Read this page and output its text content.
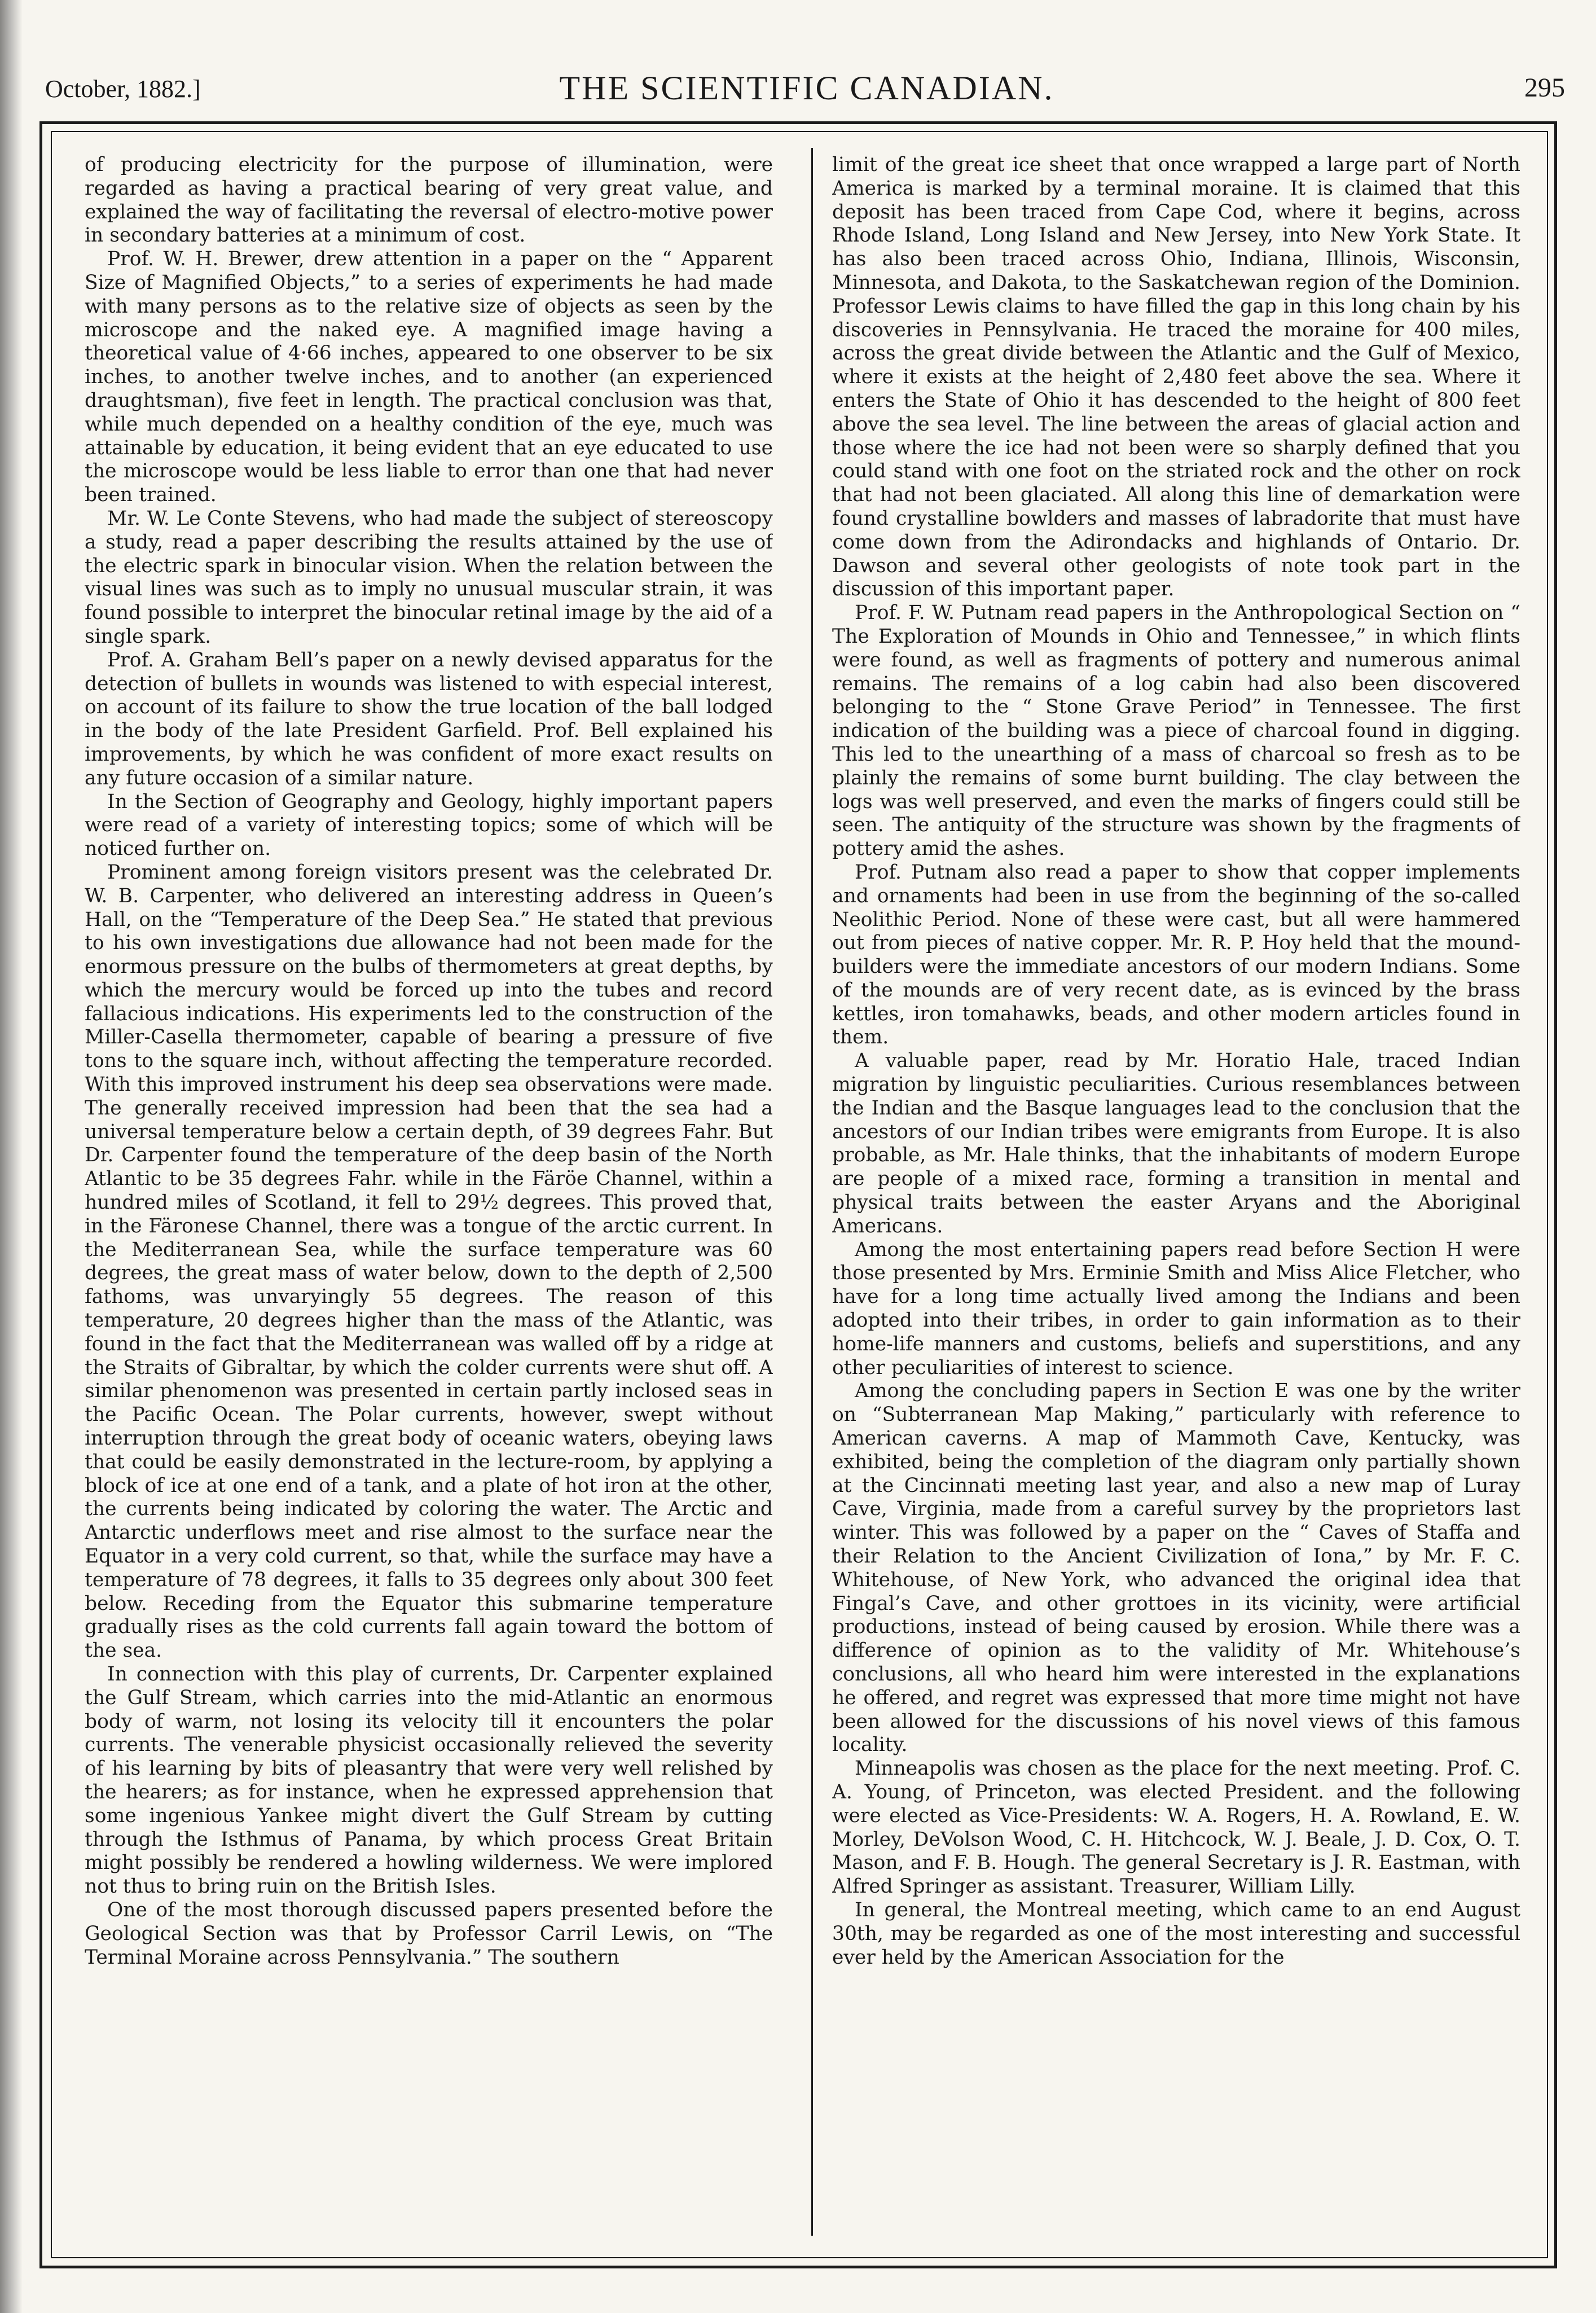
October, 1882.]	THE SCIENTIFIC CANADIAN.	295

of producing electricity for the purpose of illumination, were regarded as having a practical bearing of very great value, and explained the way of facilitating the reversal of electro-motive power in secondary batteries at a minimum of cost.

Prof. W. H. Brewer, drew attention in a paper on the “ Apparent Size of Magnified Objects,” to a series of experiments he had made with many persons as to the relative size of objects as seen by the microscope and the naked eye. A magnified image having a theoretical value of 4·66 inches, appeared to one observer to be six inches, to another twelve inches, and to another (an experienced draughtsman), five feet in length. The practical conclusion was that, while much depended on a healthy condition of the eye, much was attainable by education, it being evident that an eye educated to use the microscope would be less liable to error than one that had never been trained.

Mr. W. Le Conte Stevens, who had made the subject of stereoscopy a study, read a paper describing the results attained by the use of the electric spark in binocular vision. When the relation between the visual lines was such as to imply no unusual muscular strain, it was found possible to interpret the binocular retinal image by the aid of a single spark.

Prof. A. Graham Bell’s paper on a newly devised apparatus for the detection of bullets in wounds was listened to with especial interest, on account of its failure to show the true location of the ball lodged in the body of the late President Garfield. Prof. Bell explained his improvements, by which he was confident of more exact results on any future occasion of a similar nature.

In the Section of Geography and Geology, highly important papers were read of a variety of interesting topics; some of which will be noticed further on.

Prominent among foreign visitors present was the celebrated Dr. W. B. Carpenter, who delivered an interesting address in Queen’s Hall, on the “Temperature of the Deep Sea.” He stated that previous to his own investigations due allowance had not been made for the enormous pressure on the bulbs of thermometers at great depths, by which the mercury would be forced up into the tubes and record fallacious indications. His experiments led to the construction of the Miller-Casella thermometer, capable of bearing a pressure of five tons to the square inch, without affecting the temperature recorded. With this improved instrument his deep sea observations were made. The generally received impression had been that the sea had a universal temperature below a certain depth, of 39 degrees Fahr. But Dr. Carpenter found the temperature of the deep basin of the North Atlantic to be 35 degrees Fahr. while in the Färöe Channel, within a hundred miles of Scotland, it fell to 29½ degrees. This proved that, in the Färonese Channel, there was a tongue of the arctic current. In the Mediterranean Sea, while the surface temperature was 60 degrees, the great mass of water below, down to the depth of 2,500 fathoms, was unvaryingly 55 degrees. The reason of this temperature, 20 degrees higher than the mass of the Atlantic, was found in the fact that the Mediterranean was walled off by a ridge at the Straits of Gibraltar, by which the colder currents were shut off. A similar phenomenon was presented in certain partly inclosed seas in the Pacific Ocean. The Polar currents, however, swept without interruption through the great body of oceanic waters, obeying laws that could be easily demonstrated in the lecture-room, by applying a block of ice at one end of a tank, and a plate of hot iron at the other, the currents being indicated by coloring the water. The Arctic and Antarctic underflows meet and rise almost to the surface near the Equator in a very cold current, so that, while the surface may have a temperature of 78 degrees, it falls to 35 degrees only about 300 feet below. Receding from the Equator this submarine temperature gradually rises as the cold currents fall again toward the bottom of the sea.

In connection with this play of currents, Dr. Carpenter explained the Gulf Stream, which carries into the mid-Atlantic an enormous body of warm, not losing its velocity till it encounters the polar currents. The venerable physicist occasionally relieved the severity of his learning by bits of pleasantry that were very well relished by the hearers; as for instance, when he expressed apprehension that some ingenious Yankee might divert the Gulf Stream by cutting through the Isthmus of Panama, by which process Great Britain might possibly be rendered a howling wilderness. We were implored not thus to bring ruin on the British Isles.

One of the most thorough discussed papers presented before the Geological Section was that by Professor Carril Lewis, on “The Terminal Moraine across Pennsylvania.” The southern

limit of the great ice sheet that once wrapped a large part of North America is marked by a terminal moraine. It is claimed that this deposit has been traced from Cape Cod, where it begins, across Rhode Island, Long Island and New Jersey, into New York State. It has also been traced across Ohio, Indiana, Illinois, Wisconsin, Minnesota, and Dakota, to the Saskatchewan region of the Dominion. Professor Lewis claims to have filled the gap in this long chain by his discoveries in Pennsylvania. He traced the moraine for 400 miles, across the great divide between the Atlantic and the Gulf of Mexico, where it exists at the height of 2,480 feet above the sea. Where it enters the State of Ohio it has descended to the height of 800 feet above the sea level. The line between the areas of glacial action and those where the ice had not been were so sharply defined that you could stand with one foot on the striated rock and the other on rock that had not been glaciated. All along this line of demarkation were found crystalline bowlders and masses of labradorite that must have come down from the Adirondacks and highlands of Ontario. Dr. Dawson and several other geologists of note took part in the discussion of this important paper.

Prof. F. W. Putnam read papers in the Anthropological Section on “ The Exploration of Mounds in Ohio and Tennessee,” in which flints were found, as well as fragments of pottery and numerous animal remains. The remains of a log cabin had also been discovered belonging to the “ Stone Grave Period” in Tennessee. The first indication of the building was a piece of charcoal found in digging. This led to the unearthing of a mass of charcoal so fresh as to be plainly the remains of some burnt building. The clay between the logs was well preserved, and even the marks of fingers could still be seen. The antiquity of the structure was shown by the fragments of pottery amid the ashes.

Prof. Putnam also read a paper to show that copper implements and ornaments had been in use from the beginning of the so-called Neolithic Period. None of these were cast, but all were hammered out from pieces of native copper. Mr. R. P. Hoy held that the mound-builders were the immediate ancestors of our modern Indians. Some of the mounds are of very recent date, as is evinced by the brass kettles, iron tomahawks, beads, and other modern articles found in them.

A valuable paper, read by Mr. Horatio Hale, traced Indian migration by linguistic peculiarities. Curious resemblances between the Indian and the Basque languages lead to the conclusion that the ancestors of our Indian tribes were emigrants from Europe. It is also probable, as Mr. Hale thinks, that the inhabitants of modern Europe are people of a mixed race, forming a transition in mental and physical traits between the easter Aryans and the Aboriginal Americans.

Among the most entertaining papers read before Section H were those presented by Mrs. Erminie Smith and Miss Alice Fletcher, who have for a long time actually lived among the Indians and been adopted into their tribes, in order to gain information as to their home-life manners and customs, beliefs and superstitions, and any other peculiarities of interest to science.

Among the concluding papers in Section E was one by the writer on “Subterranean Map Making,” particularly with reference to American caverns. A map of Mammoth Cave, Kentucky, was exhibited, being the completion of the diagram only partially shown at the Cincinnati meeting last year, and also a new map of Luray Cave, Virginia, made from a careful survey by the proprietors last winter. This was followed by a paper on the “ Caves of Staffa and their Relation to the Ancient Civilization of Iona,” by Mr. F. C. Whitehouse, of New York, who advanced the original idea that Fingal’s Cave, and other grottoes in its vicinity, were artificial productions, instead of being caused by erosion. While there was a difference of opinion as to the validity of Mr. Whitehouse’s conclusions, all who heard him were interested in the explanations he offered, and regret was expressed that more time might not have been allowed for the discussions of his novel views of this famous locality.

Minneapolis was chosen as the place for the next meeting. Prof. C. A. Young, of Princeton, was elected President. and the following were elected as Vice-Presidents: W. A. Rogers, H. A. Rowland, E. W. Morley, DeVolson Wood, C. H. Hitchcock, W. J. Beale, J. D. Cox, O. T. Mason, and F. B. Hough. The general Secretary is J. R. Eastman, with Alfred Springer as assistant. Treasurer, William Lilly.

In general, the Montreal meeting, which came to an end August 30th, may be regarded as one of the most interesting and successful ever held by the American Association for the
